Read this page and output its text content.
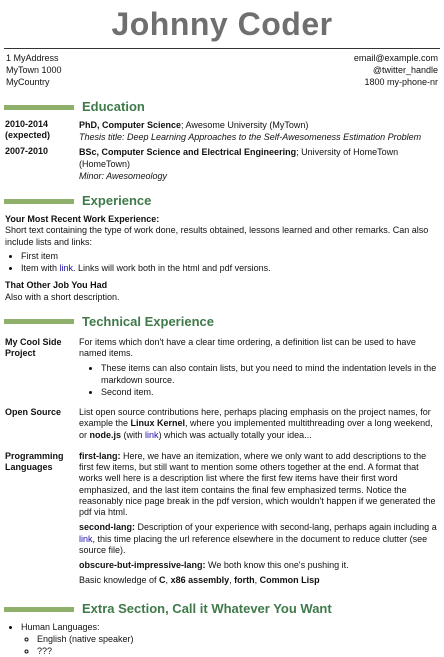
Johnny Coder
1 MyAddress
MyTown 1000
MyCountry
email@example.com
@twitter_handle
1800 my-phone-nr
Education
2010-2014 (expected)
PhD, Computer Science; Awesome University (MyTown)
Thesis title: Deep Learning Approaches to the Self-Awesomeness Estimation Problem
2007-2010	BSc, Computer Science and Electrical Engineering; University of HomeTown (HomeTown)
Minor: Awesomeology
Experience

Your Most Recent Work Experience:

Short text containing the type of work done, results obtained, lessons learned and other remarks. Can also include lists and links:

• First item
• Item with link. Links will work both in the html and pdf versions.

That Other Job You Had

Also with a short description.

Technical Experience
My Cool Side Project

For items which don't have a clear time ordering, a definition list can be used to have named items.

• These items can also contain lists, but you need to mind the indentation levels in the markdown source.
• Second item.
Open Source	List open source contributions here, perhaps placing emphasis on the project names, for example the Linux Kernel, where you implemented multithreading over a long weekend, or node.js (with link) which was actually totally your idea...

Programming Languages

first-lang: Here, we have an itemization, where we only want to add descriptions to the first few items, but still want to mention some others together at the end. A format that works well here is a description list where the first few items have their first word emphasized, and the last item contains the final few emphasized terms. Notice the reasonably nice page break in the pdf version, which wouldn't happen if we generated the pdf via html.

second-lang: Description of your experience with second-lang, perhaps again including a link, this time placing the url reference elsewhere in the document to reduce clutter (see source file).

obscure-but-impressive-lang: We both know this one's pushing it.

Basic knowledge of C, x86 assembly, forth, Common Lisp

Extra Section, Call it Whatever You Want
• Human Languages:
◦ English (native speaker)
◦ ???
